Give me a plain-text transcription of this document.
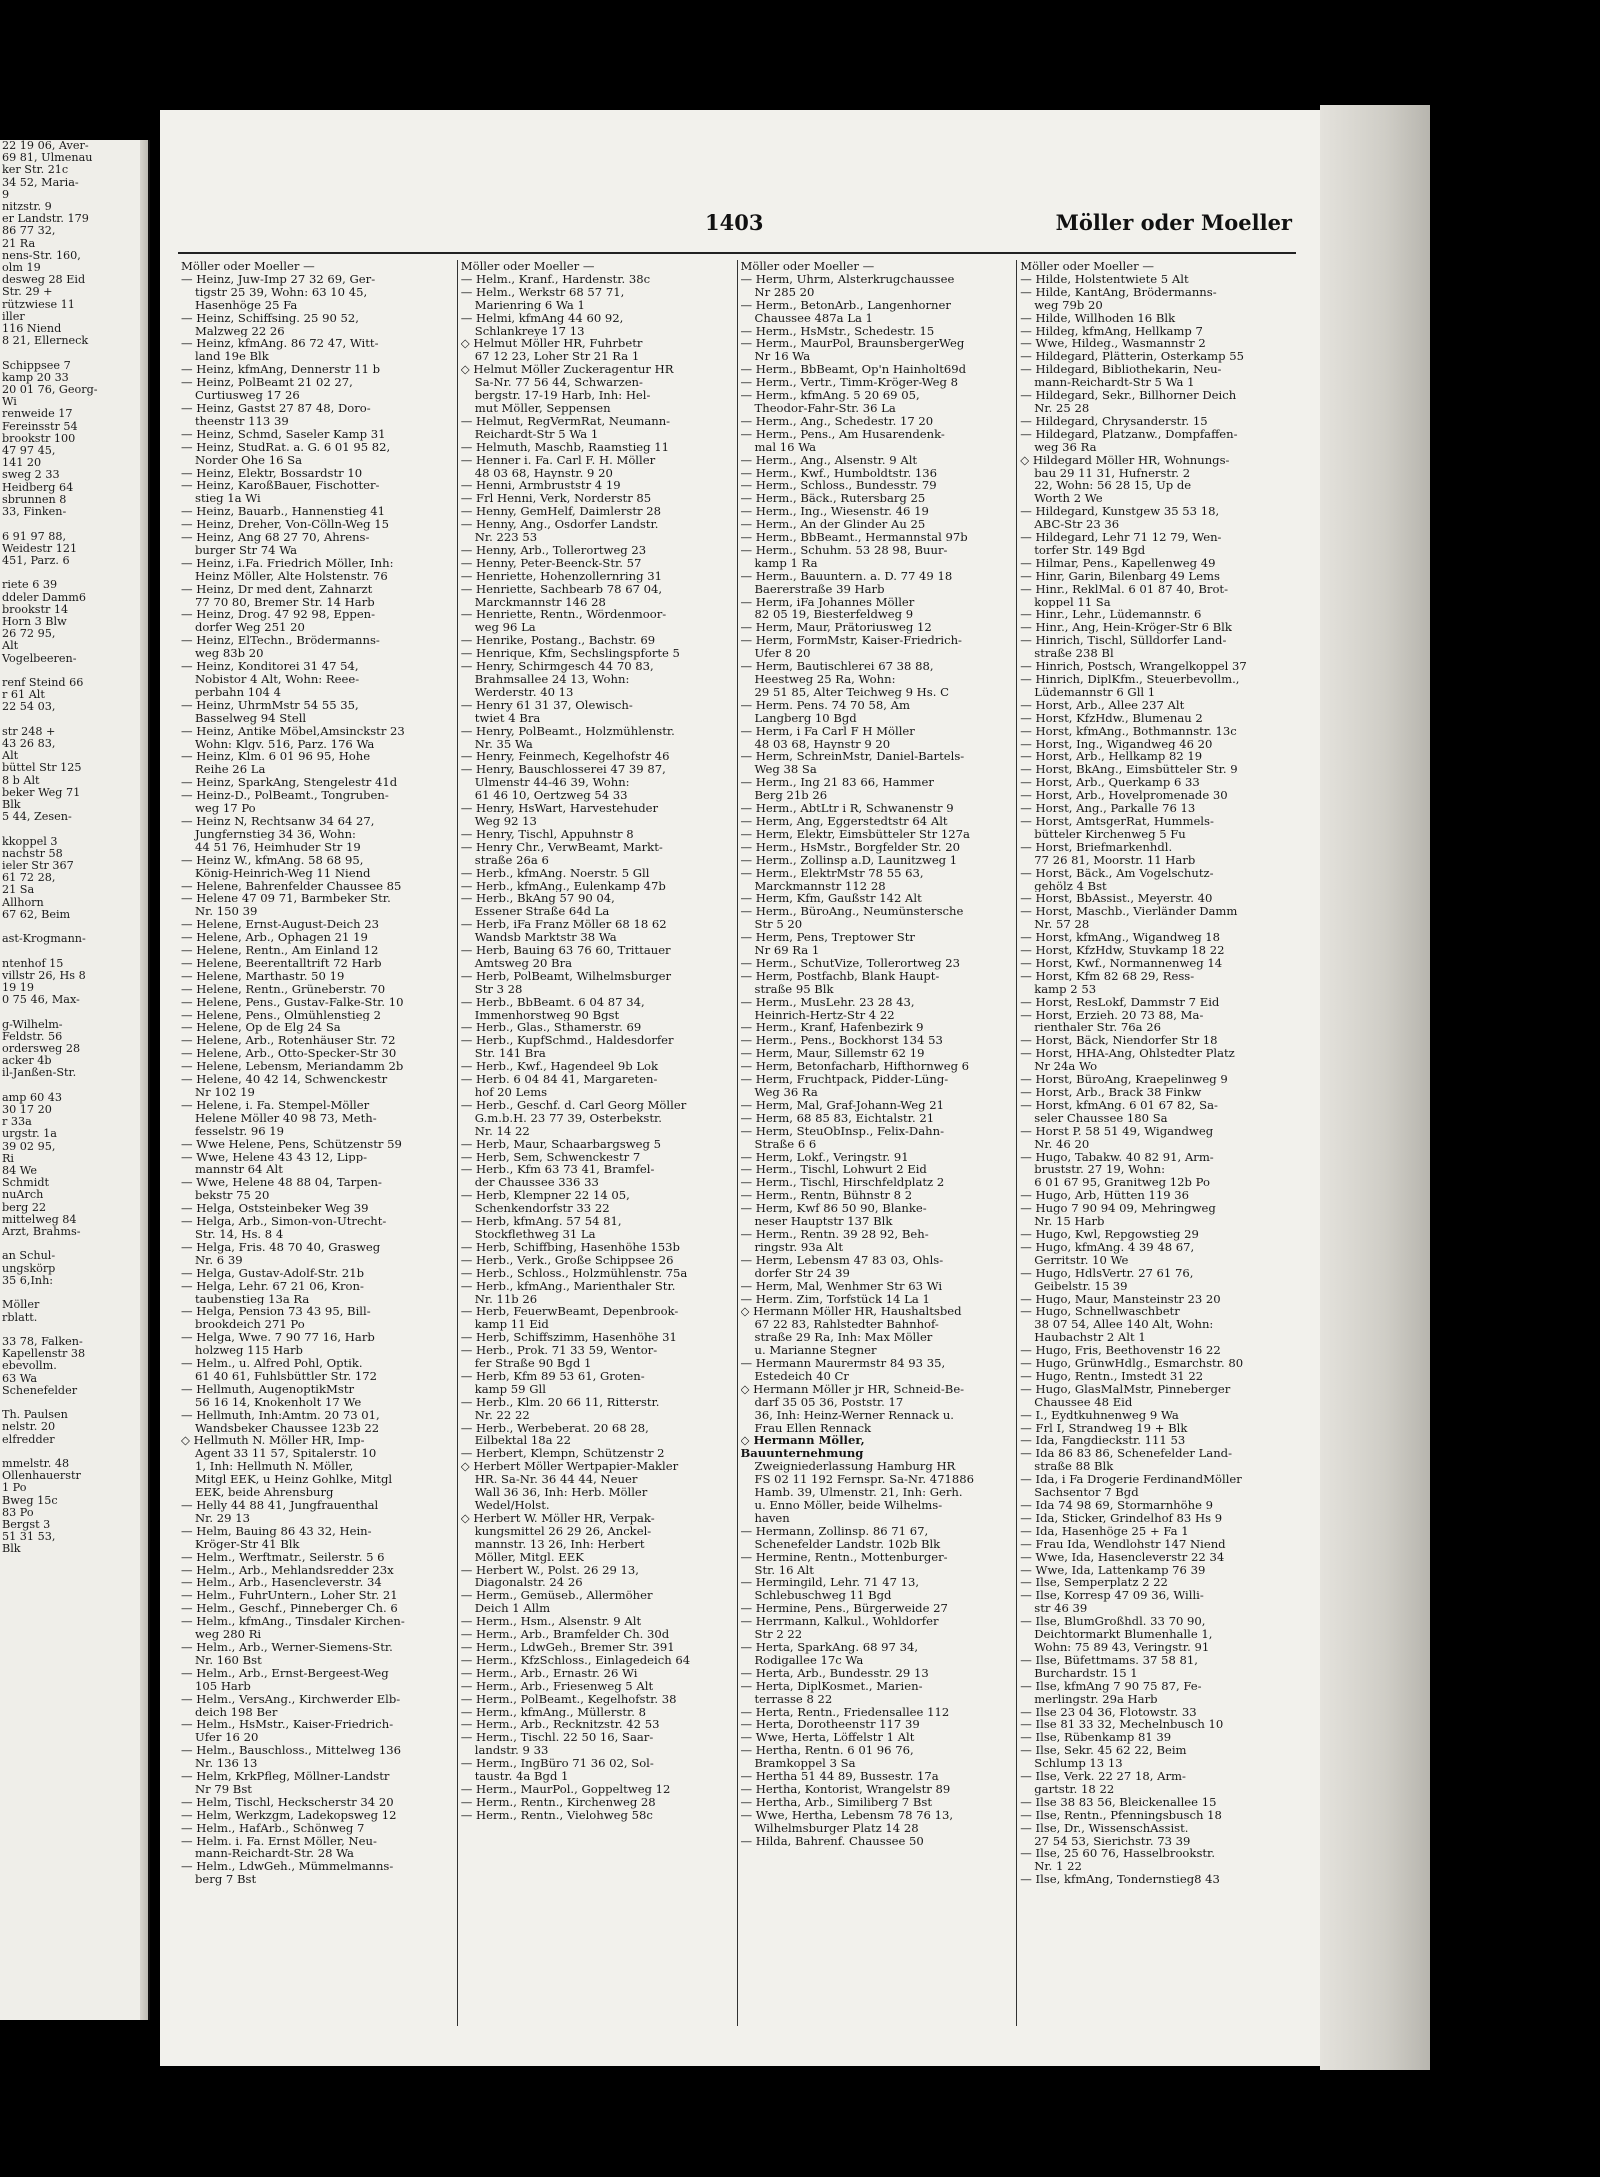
22 19 06, Aver-
69 81, Ulmenau
ker Str. 21c
34 52, Maria-
9
nitzstr. 9
er Landstr. 179
86 77 32,
21 Ra
nens-Str. 160,
olm 19
desweg 28 Eid
Str. 29 +
rützwiese 11
iller
116 Niend
8 21, Ellerneck

Schippsee 7
kamp 20 33
20 01 76, Georg-
Wi
renweide 17
Fereinsstr 54
brookstr 100
47 97 45,
141 20
sweg 2 33
Heidberg 64
sbrunnen 8
33, Finken-

6 91 97 88,
Weidestr 121
451, Parz. 6

riete 6 39
ddeler Damm6
brookstr 14
Horn 3 Blw
26 72 95,
Alt
Vogelbeeren-

renf Steind 66
r 61 Alt
22 54 03,

str 248 +
43 26 83,
Alt
büttel Str 125
8 b Alt
beker Weg 71
Blk
5 44, Zesen-

kkoppel 3
nachstr 58
ieler Str 367
61 72 28,
21 Sa
Allhorn
67 62, Beim

ast-Krogmann-

ntenhof 15
villstr 26, Hs 8
19 19
0 75 46, Max-

g-Wilhelm-
Feldstr. 56
ordersweg 28
acker 4b
il-Janßen-Str.

amp 60 43
30 17 20
r 33a
urgstr. 1a
39 02 95,
Ri
84 We
Schmidt
nuArch
berg 22
mittelweg 84
Arzt, Brahms-

an Schul-
ungskörp
35 6,Inh:

Möller
rblatt.

33 78, Falken-
Kapellenstr 38
ebevollm.
63 Wa
Schenefelder

Th. Paulsen
nelstr. 20
elfredder

mmelstr. 48
Ollenhauerstr
1 Po
Bweg 15c
83 Po
Bergst 3
51 31 53,
Blk
1403	Möller oder Moeller
Möller oder Moeller —
— Heinz, Juw-Imp 27 32 69, Ger-
tigstr 25 39, Wohn: 63 10 45,
Hasenhöge 25 Fa
— Heinz, Schiffsing. 25 90 52,
Malzweg 22 26
— Heinz, kfmAng. 86 72 47, Witt-
land 19e Blk
— Heinz, kfmAng, Dennerstr 11 b
— Heinz, PolBeamt 21 02 27,
Curtiusweg 17 26
— Heinz, Gastst 27 87 48, Doro-
theenstr 113 39
— Heinz, Schmd, Saseler Kamp 31
— Heinz, StudRat. a. G. 6 01 95 82,
Norder Ohe 16 Sa
— Heinz, Elektr, Bossardstr 10
— Heinz, KaroßBauer, Fischotter-
stieg 1a Wi
— Heinz, Bauarb., Hannenstieg 41
— Heinz, Dreher, Von-Cölln-Weg 15
— Heinz, Ang 68 27 70, Ahrens-
burger Str 74 Wa
— Heinz, i.Fa. Friedrich Möller, Inh:
Heinz Möller, Alte Holstenstr. 76
— Heinz, Dr med dent, Zahnarzt
77 70 80, Bremer Str. 14 Harb
— Heinz, Drog. 47 92 98, Eppen-
dorfer Weg 251 20
— Heinz, ElTechn., Brödermanns-
weg 83b 20
— Heinz, Konditorei 31 47 54,
Nobistor 4 Alt, Wohn: Reee-
perbahn 104 4
— Heinz, UhrmMstr 54 55 35,
Basselweg 94 Stell
— Heinz, Antike Möbel,Amsinckstr 23
Wohn: Klgv. 516, Parz. 176 Wa
— Heinz, Klm. 6 01 96 95, Hohe
Reihe 26 La
— Heinz, SparkAng, Stengelestr 41d
— Heinz-D., PolBeamt., Tongruben-
weg 17 Po
— Heinz N, Rechtsanw 34 64 27,
Jungfernstieg 34 36, Wohn:
44 51 76, Heimhuder Str 19
— Heinz W., kfmAng. 58 68 95,
König-Heinrich-Weg 11 Niend
— Helene, Bahrenfelder Chaussee 85
— Helene 47 09 71, Barmbeker Str.
Nr. 150 39
— Helene, Ernst-August-Deich 23
— Helene, Arb., Ophagen 21 19
— Helene, Rentn., Am Einland 12
— Helene, Beerentalltrift 72 Harb
— Helene, Marthastr. 50 19
— Helene, Rentn., Grüneberstr. 70
— Helene, Pens., Gustav-Falke-Str. 10
— Helene, Pens., Olmühlenstieg 2
— Helene, Op de Elg 24 Sa
— Helene, Arb., Rotenhäuser Str. 72
— Helene, Arb., Otto-Specker-Str 30
— Helene, Lebensm, Meriandamm 2b
— Helene, 40 42 14, Schwenckestr
Nr 102 19
— Helene, i. Fa. Stempel-Möller
Helene Möller 40 98 73, Meth-
fesselstr. 96 19
— Wwe Helene, Pens, Schützenstr 59
— Wwe, Helene 43 43 12, Lipp-
mannstr 64 Alt
— Wwe, Helene 48 88 04, Tarpen-
bekstr 75 20
— Helga, Oststeinbeker Weg 39
— Helga, Arb., Simon-von-Utrecht-
Str. 14, Hs. 8 4
— Helga, Fris. 48 70 40, Grasweg
Nr. 6 39
— Helga, Gustav-Adolf-Str. 21b
— Helga, Lehr. 67 21 06, Kron-
taubenstieg 13a Ra
— Helga, Pension 73 43 95, Bill-
brookdeich 271 Po
— Helga, Wwe. 7 90 77 16, Harb
holzweg 115 Harb
— Helm., u. Alfred Pohl, Optik.
61 40 61, Fuhlsbüttler Str. 172
— Hellmuth, AugenoptikMstr
56 16 14, Knokenholt 17 We
— Hellmuth, Inh:Amtm. 20 73 01,
Wandsbeker Chaussee 123b 22
◇ Hellmuth N. Möller HR, Imp-
Agent 33 11 57, Spitalerstr. 10
1, Inh: Hellmuth N. Möller,
Mitgl EEK, u Heinz Gohlke, Mitgl
EEK, beide Ahrensburg
— Helly 44 88 41, Jungfrauenthal
Nr. 29 13
— Helm, Bauing 86 43 32, Hein-
Kröger-Str 41 Blk
— Helm., Werftmatr., Seilerstr. 5 6
— Helm., Arb., Mehlandsredder 23x
— Helm., Arb., Hasencleverstr. 34
— Helm., FuhrUntern., Loher Str. 21
— Helm., Geschf., Pinneberger Ch. 6
— Helm., kfmAng., Tinsdaler Kirchen-
weg 280 Ri
— Helm., Arb., Werner-Siemens-Str.
Nr. 160 Bst
— Helm., Arb., Ernst-Bergeest-Weg
105 Harb
— Helm., VersAng., Kirchwerder Elb-
deich 198 Ber
— Helm., HsMstr., Kaiser-Friedrich-
Ufer 16 20
— Helm., Bauschloss., Mittelweg 136
Nr. 136 13
— Helm, KrkPfleg, Möllner-Landstr
Nr 79 Bst
— Helm, Tischl, Heckscherstr 34 20
— Helm, Werkzgm, Ladekopsweg 12
— Helm., HafArb., Schönweg 7
— Helm. i. Fa. Ernst Möller, Neu-
mann-Reichardt-Str. 28 Wa
— Helm., LdwGeh., Mümmelmanns-
berg 7 Bst
Möller oder Moeller —
— Helm., Kranf., Hardenstr. 38c
— Helm., Werkstr 68 57 71,
Marienring 6 Wa 1
— Helmi, kfmAng 44 60 92,
Schlankreye 17 13
◇ Helmut Möller HR, Fuhrbetr
67 12 23, Loher Str 21 Ra 1
◇ Helmut Möller Zuckeragentur HR
Sa-Nr. 77 56 44, Schwarzen-
bergstr. 17-19 Harb, Inh: Hel-
mut Möller, Seppensen
— Helmut, RegVermRat, Neumann-
Reichardt-Str 5 Wa 1
— Helmuth, Maschb, Raamstieg 11
— Henner i. Fa. Carl F. H. Möller
48 03 68, Haynstr. 9 20
— Henni, Armbruststr 4 19
— Frl Henni, Verk, Norderstr 85
— Henny, GemHelf, Daimlerstr 28
— Henny, Ang., Osdorfer Landstr.
Nr. 223 53
— Henny, Arb., Tollerortweg 23
— Henny, Peter-Beenck-Str. 57
— Henriette, Hohenzollernring 31
— Henriette, Sachbearb 78 67 04,
Marckmannstr 146 28
— Henriette, Rentn., Wördenmoor-
weg 96 La
— Henrike, Postang., Bachstr. 69
— Henrique, Kfm, Sechslingspforte 5
— Henry, Schirmgesch 44 70 83,
Brahmsallee 24 13, Wohn:
Werderstr. 40 13
— Henry 61 31 37, Olewisch-
twiet 4 Bra
— Henry, PolBeamt., Holzmühlenstr.
Nr. 35 Wa
— Henry, Feinmech, Kegelhofstr 46
— Henry, Bauschlosserei 47 39 87,
Ulmenstr 44-46 39, Wohn:
61 46 10, Oertzweg 54 33
— Henry, HsWart, Harvestehuder
Weg 92 13
— Henry, Tischl, Appuhnstr 8
— Henry Chr., VerwBeamt, Markt-
straße 26a 6
— Herb., kfmAng. Noerstr. 5 Gll
— Herb., kfmAng., Eulenkamp 47b
— Herb., BkAng 57 90 04,
Essener Straße 64d La
— Herb, iFa Franz Möller 68 18 62
Wandsb Marktstr 38 Wa
— Herb, Bauing 63 76 60, Trittauer
Amtsweg 20 Bra
— Herb, PolBeamt, Wilhelmsburger
Str 3 28
— Herb., BbBeamt. 6 04 87 34,
Immenhorstweg 90 Bgst
— Herb., Glas., Sthamerstr. 69
— Herb., KupfSchmd., Haldesdorfer
Str. 141 Bra
— Herb., Kwf., Hagendeel 9b Lok
— Herb. 6 04 84 41, Margareten-
hof 20 Lems
— Herb., Geschf. d. Carl Georg Möller
G.m.b.H. 23 77 39, Osterbekstr.
Nr. 14 22
— Herb, Maur, Schaarbargsweg 5
— Herb, Sem, Schwenckestr 7
— Herb., Kfm 63 73 41, Bramfel-
der Chaussee 336 33
— Herb, Klempner 22 14 05,
Schenkendorfstr 33 22
— Herb, kfmAng. 57 54 81,
Stockflethweg 31 La
— Herb, Schiffbing, Hasenhöhe 153b
— Herb., Verk., Große Schippsee 26
— Herb., Schloss., Holzmühlenstr. 75a
— Herb., kfmAng., Marienthaler Str.
Nr. 11b 26
— Herb, FeuerwBeamt, Depenbrook-
kamp 11 Eid
— Herb, Schiffszimm, Hasenhöhe 31
— Herb., Prok. 71 33 59, Wentor-
fer Straße 90 Bgd 1
— Herb, Kfm 89 53 61, Groten-
kamp 59 Gll
— Herb., Klm. 20 66 11, Ritterstr.
Nr. 22 22
— Herb., Werbeberat. 20 68 28,
Eilbektal 18a 22
— Herbert, Klempn, Schützenstr 2
◇ Herbert Möller Wertpapier-Makler
HR. Sa-Nr. 36 44 44, Neuer
Wall 36 36, Inh: Herb. Möller
Wedel/Holst.
◇ Herbert W. Möller HR, Verpak-
kungsmittel 26 29 26, Anckel-
mannstr. 13 26, Inh: Herbert
Möller, Mitgl. EEK
— Herbert W., Polst. 26 29 13,
Diagonalstr. 24 26
— Herm., Gemüseb., Allermöher
Deich 1 Allm
— Herm., Hsm., Alsenstr. 9 Alt
— Herm., Arb., Bramfelder Ch. 30d
— Herm., LdwGeh., Bremer Str. 391
— Herm., KfzSchloss., Einlagedeich 64
— Herm., Arb., Ernastr. 26 Wi
— Herm., Arb., Friesenweg 5 Alt
— Herm., PolBeamt., Kegelhofstr. 38
— Herm., kfmAng., Müllerstr. 8
— Herm., Arb., Recknitzstr. 42 53
— Herm., Tischl. 22 50 16, Saar-
landstr. 9 33
— Herm., IngBüro 71 36 02, Sol-
taustr. 4a Bgd 1
— Herm., MaurPol., Goppeltweg 12
— Herm., Rentn., Kirchenweg 28
— Herm., Rentn., Vielohweg 58c
Möller oder Moeller —
— Herm, Uhrm, Alsterkrugchaussee
Nr 285 20
— Herm., BetonArb., Langenhorner
Chaussee 487a La 1
— Herm., HsMstr., Schedestr. 15
— Herm., MaurPol, BraunsbergerWeg
Nr 16 Wa
— Herm., BbBeamt, Op'n Hainholt69d
— Herm., Vertr., Timm-Kröger-Weg 8
— Herm., kfmAng. 5 20 69 05,
Theodor-Fahr-Str. 36 La
— Herm., Ang., Schedestr. 17 20
— Herm., Pens., Am Husarendenk-
mal 16 Wa
— Herm., Ang., Alsenstr. 9 Alt
— Herm., Kwf., Humboldtstr. 136
— Herm., Schloss., Bundesstr. 79
— Herm., Bäck., Rutersbarg 25
— Herm., Ing., Wiesenstr. 46 19
— Herm., An der Glinder Au 25
— Herm., BbBeamt., Hermannstal 97b
— Herm., Schuhm. 53 28 98, Buur-
kamp 1 Ra
— Herm., Bauuntern. a. D. 77 49 18
Baererstraße 39 Harb
— Herm, iFa Johannes Möller
82 05 19, Biesterfeldweg 9
— Herm, Maur, Prätoriusweg 12
— Herm, FormMstr, Kaiser-Friedrich-
Ufer 8 20
— Herm, Bautischlerei 67 38 88,
Heestweg 25 Ra, Wohn:
29 51 85, Alter Teichweg 9 Hs. C
— Herm. Pens. 74 70 58, Am
Langberg 10 Bgd
— Herm, i Fa Carl F H Möller
48 03 68, Haynstr 9 20
— Herm, SchreinMstr, Daniel-Bartels-
Weg 38 Sa
— Herm., Ing 21 83 66, Hammer
Berg 21b 26
— Herm., AbtLtr i R, Schwanenstr 9
— Herm, Ang, Eggerstedtstr 64 Alt
— Herm, Elektr, Eimsbütteler Str 127a
— Herm., HsMstr., Borgfelder Str. 20
— Herm., Zollinsp a.D, Launitzweg 1
— Herm., ElektrMstr 78 55 63,
Marckmannstr 112 28
— Herm, Kfm, Gaußstr 142 Alt
— Herm., BüroAng., Neumünstersche
Str 5 20
— Herm, Pens, Treptower Str
Nr 69 Ra 1
— Herm., SchutVize, Tollerortweg 23
— Herm, Postfachb, Blank Haupt-
straße 95 Blk
— Herm., MusLehr. 23 28 43,
Heinrich-Hertz-Str 4 22
— Herm., Kranf, Hafenbezirk 9
— Herm., Pens., Bockhorst 134 53
— Herm, Maur, Sillemstr 62 19
— Herm, Betonfacharb, Hifthornweg 6
— Herm, Fruchtpack, Pidder-Lüng-
Weg 36 Ra
— Herm, Mal, Graf-Johann-Weg 21
— Herm, 68 85 83, Eichtalstr. 21
— Herm, SteuObInsp., Felix-Dahn-
Straße 6 6
— Herm, Lokf., Veringstr. 91
— Herm., Tischl, Lohwurt 2 Eid
— Herm., Tischl, Hirschfeldplatz 2
— Herm., Rentn, Bühnstr 8 2
— Herm, Kwf 86 50 90, Blanke-
neser Hauptstr 137 Blk
— Herm., Rentn. 39 28 92, Beh-
ringstr. 93a Alt
— Herm, Lebensm 47 83 03, Ohls-
dorfer Str 24 39
— Herm, Mal, Wenhmer Str 63 Wi
— Herm. Zim, Torfstück 14 La 1
◇ Hermann Möller HR, Haushaltsbed
67 22 83, Rahlstedter Bahnhof-
straße 29 Ra, Inh: Max Möller
u. Marianne Stegner
— Hermann Maurermstr 84 93 35,
Estedeich 40 Cr
◇ Hermann Möller jr HR, Schneid-Be-
darf 35 05 36, Poststr. 17
36, Inh: Heinz-Werner Rennack u.
Frau Ellen Rennack
◇ Hermann Möller,
Bauunternehmung
Zweigniederlassung Hamburg HR
FS 02 11 192 Fernspr. Sa-Nr. 471886
Hamb. 39, Ulmenstr. 21, Inh: Gerh.
u. Enno Möller, beide Wilhelms-
haven
— Hermann, Zollinsp. 86 71 67,
Schenefelder Landstr. 102b Blk
— Hermine, Rentn., Mottenburger-
Str. 16 Alt
— Hermingild, Lehr. 71 47 13,
Schlebuschweg 11 Bgd
— Hermine, Pens., Bürgerweide 27
— Herrmann, Kalkul., Wohldorfer
Str 2 22
— Herta, SparkAng. 68 97 34,
Rodigallee 17c Wa
— Herta, Arb., Bundesstr. 29 13
— Herta, DiplKosmet., Marien-
terrasse 8 22
— Herta, Rentn., Friedensallee 112
— Herta, Dorotheenstr 117 39
— Wwe, Herta, Löffelstr 1 Alt
— Hertha, Rentn. 6 01 96 76,
Bramkoppel 3 Sa
— Hertha 51 44 89, Bussestr. 17a
— Hertha, Kontorist, Wrangelstr 89
— Hertha, Arb., Similiberg 7 Bst
— Wwe, Hertha, Lebensm 78 76 13,
Wilhelmsburger Platz 14 28
— Hilda, Bahrenf. Chaussee 50
Möller oder Moeller —
— Hilde, Holstentwiete 5 Alt
— Hilde, KantAng, Brödermanns-
weg 79b 20
— Hilde, Willhoden 16 Blk
— Hildeg, kfmAng, Hellkamp 7
— Wwe, Hildeg., Wasmannstr 2
— Hildegard, Plätterin, Osterkamp 55
— Hildegard, Bibliothekarin, Neu-
mann-Reichardt-Str 5 Wa 1
— Hildegard, Sekr., Billhorner Deich
Nr. 25 28
— Hildegard, Chrysanderstr. 15
— Hildegard, Platzanw., Dompfaffen-
weg 36 Ra
◇ Hildegard Möller HR, Wohnungs-
bau 29 11 31, Hufnerstr. 2
22, Wohn: 56 28 15, Up de
Worth 2 We
— Hildegard, Kunstgew 35 53 18,
ABC-Str 23 36
— Hildegard, Lehr 71 12 79, Wen-
torfer Str. 149 Bgd
— Hilmar, Pens., Kapellenweg 49
— Hinr, Garin, Bilenbarg 49 Lems
— Hinr., ReklMal. 6 01 87 40, Brot-
koppel 11 Sa
— Hinr., Lehr., Lüdemannstr. 6
— Hinr., Ang, Hein-Kröger-Str 6 Blk
— Hinrich, Tischl, Sülldorfer Land-
straße 238 Bl
— Hinrich, Postsch, Wrangelkoppel 37
— Hinrich, DiplKfm., Steuerbevollm.,
Lüdemannstr 6 Gll 1
— Horst, Arb., Allee 237 Alt
— Horst, KfzHdw., Blumenau 2
— Horst, kfmAng., Bothmannstr. 13c
— Horst, Ing., Wigandweg 46 20
— Horst, Arb., Hellkamp 82 19
— Horst, BkAng., Eimsbütteler Str. 9
— Horst, Arb., Querkamp 6 33
— Horst, Arb., Hovelpromenade 30
— Horst, Ang., Parkalle 76 13
— Horst, AmtsgerRat, Hummels-
bütteler Kirchenweg 5 Fu
— Horst, Briefmarkenhdl.
77 26 81, Moorstr. 11 Harb
— Horst, Bäck., Am Vogelschutz-
gehölz 4 Bst
— Horst, BbAssist., Meyerstr. 40
— Horst, Maschb., Vierländer Damm
Nr. 57 28
— Horst, kfmAng., Wigandweg 18
— Horst, KfzHdw, Stuvkamp 18 22
— Horst, Kwf., Normannenweg 14
— Horst, Kfm 82 68 29, Ress-
kamp 2 53
— Horst, ResLokf, Dammstr 7 Eid
— Horst, Erzieh. 20 73 88, Ma-
rienthaler Str. 76a 26
— Horst, Bäck, Niendorfer Str 18
— Horst, HHA-Ang, Ohlstedter Platz
Nr 24a Wo
— Horst, BüroAng, Kraepelinweg 9
— Horst, Arb., Brack 38 Finkw
— Horst, kfmAng. 6 01 67 82, Sa-
seler Chaussee 180 Sa
— Horst P. 58 51 49, Wigandweg
Nr. 46 20
— Hugo, Tabakw. 40 82 91, Arm-
bruststr. 27 19, Wohn:
6 01 67 95, Granitweg 12b Po
— Hugo, Arb, Hütten 119 36
— Hugo 7 90 94 09, Mehringweg
Nr. 15 Harb
— Hugo, Kwl, Repgowstieg 29
— Hugo, kfmAng. 4 39 48 67,
Gerritstr. 10 We
— Hugo, HdlsVertr. 27 61 76,
Geibelstr. 15 39
— Hugo, Maur, Mansteinstr 23 20
— Hugo, Schnellwaschbetr
38 07 54, Allee 140 Alt, Wohn:
Haubachstr 2 Alt 1
— Hugo, Fris, Beethovenstr 16 22
— Hugo, GrünwHdlg., Esmarchstr. 80
— Hugo, Rentn., Imstedt 31 22
— Hugo, GlasMalMstr, Pinneberger
Chaussee 48 Eid
— I., Eydtkuhnenweg 9 Wa
— Frl I, Strandweg 19 + Blk
— Ida, Fangdieckstr. 111 53
— Ida 86 83 86, Schenefelder Land-
straße 88 Blk
— Ida, i Fa Drogerie FerdinandMöller
Sachsentor 7 Bgd
— Ida 74 98 69, Stormarnhöhe 9
— Ida, Sticker, Grindelhof 83 Hs 9
— Ida, Hasenhöge 25 + Fa 1
— Frau Ida, Wendlohstr 147 Niend
— Wwe, Ida, Hasencleverstr 22 34
— Wwe, Ida, Lattenkamp 76 39
— Ilse, Semperplatz 2 22
— Ilse, Korresp 47 09 36, Willi-
str 46 39
— Ilse, BlumGroßhdl. 33 70 90,
Deichtormarkt Blumenhalle 1,
Wohn: 75 89 43, Veringstr. 91
— Ilse, Büfettmams. 37 58 81,
Burchardstr. 15 1
— Ilse, kfmAng 7 90 75 87, Fe-
merlingstr. 29a Harb
— Ilse 23 04 36, Flotowstr. 33
— Ilse 81 33 32, Mechelnbusch 10
— Ilse, Rübenkamp 81 39
— Ilse, Sekr. 45 62 22, Beim
Schlump 13 13
— Ilse, Verk. 22 27 18, Arm-
gartstr. 18 22
— Ilse 38 83 56, Bleickenallee 15
— Ilse, Rentn., Pfenningsbusch 18
— Ilse, Dr., WissenschAssist.
27 54 53, Sierichstr. 73 39
— Ilse, 25 60 76, Hasselbrookstr.
Nr. 1 22
— Ilse, kfmAng, Tondernstieg8 43
